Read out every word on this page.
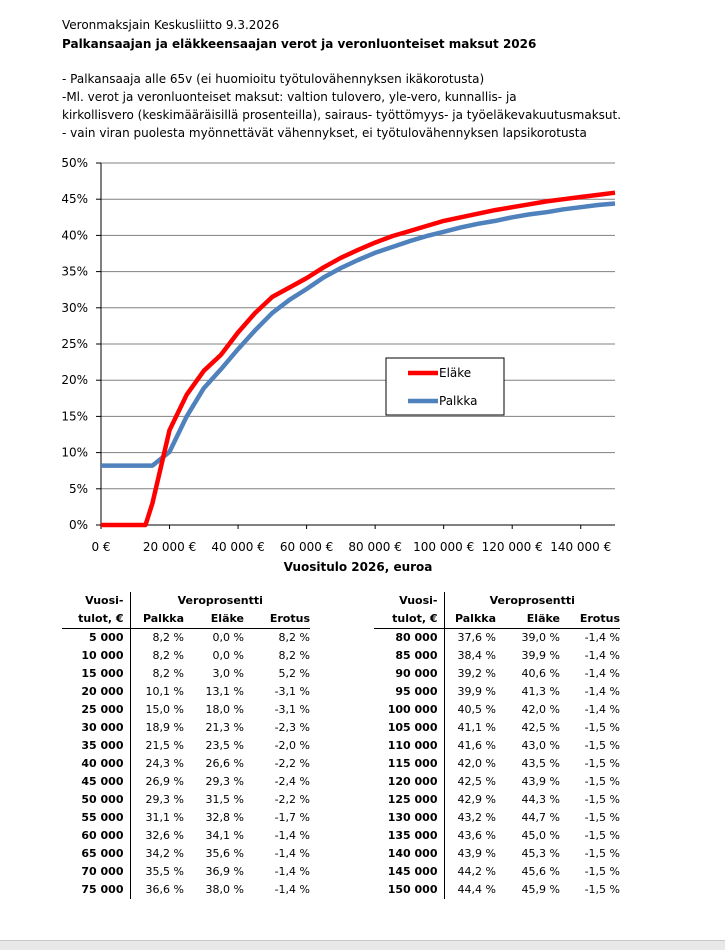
Veronmaksjain Keskusliitto 9.3.2026
Palkansaajan ja eläkkeensaajan verot ja veronluonteiset maksut 2026
- Palkansaaja alle 65v (ei huomioitu työtulovähennyksen ikäkorotusta)
-Ml. verot ja veronluonteiset maksut: valtion tulovero, yle-vero, kunnallis- ja
kirkollisvero (keskimääräisillä prosenteilla), sairaus- työttömyys- ja työeläkevakuutusmaksut.
- vain viran puolesta myönnettävät vähennykset, ei työtulovähennyksen lapsikorotusta
0%
5%
10%
15%
20%
25%
30%
35%
40%
45%
50%
0 €	20 000 € 40 000 € 60 000 € 80 000 € 100 000 € 120 000 € 140 000 €
Vuositulo 2026, euroa
Eläke
Palkka
Vuosi-	Veroprosentti		
tulot, €	Palkka	Eläke	Erotus
5 000	8,2 %	0,0 %	8,2 %
10 000	8,2 %	0,0 %	8,2 %
15 000	8,2 %	3,0 %	5,2 %
20 000	10,1 %	13,1 %	-3,1 %
25 000	15,0 %	18,0 %	-3,1 %
30 000	18,9 %	21,3 %	-2,3 %
35 000	21,5 %	23,5 %	-2,0 %
40 000	24,3 %	26,6 %	-2,2 %
45 000	26,9 %	29,3 %	-2,4 %
50 000	29,3 %	31,5 %	-2,2 %
55 000	31,1 %	32,8 %	-1,7 %
60 000	32,6 %	34,1 %	-1,4 %
65 000	34,2 %	35,6 %	-1,4 %
70 000	35,5 %	36,9 %	-1,4 %
75 000	36,6 %	38,0 %	-1,4 %
Vuosi-	Veroprosentti		
tulot, €	Palkka	Eläke	Erotus
80 000	37,6 %	39,0 %	-1,4 %
85 000	38,4 %	39,9 %	-1,4 %
90 000	39,2 %	40,6 %	-1,4 %
95 000	39,9 %	41,3 %	-1,4 %
100 000	40,5 %	42,0 %	-1,4 %
105 000	41,1 %	42,5 %	-1,5 %
110 000	41,6 %	43,0 %	-1,5 %
115 000	42,0 %	43,5 %	-1,5 %
120 000	42,5 %	43,9 %	-1,5 %
125 000	42,9 %	44,3 %	-1,5 %
130 000	43,2 %	44,7 %	-1,5 %
135 000	43,6 %	45,0 %	-1,5 %
140 000	43,9 %	45,3 %	-1,5 %
145 000	44,2 %	45,6 %	-1,5 %
150 000	44,4 %	45,9 %	-1,5 %
